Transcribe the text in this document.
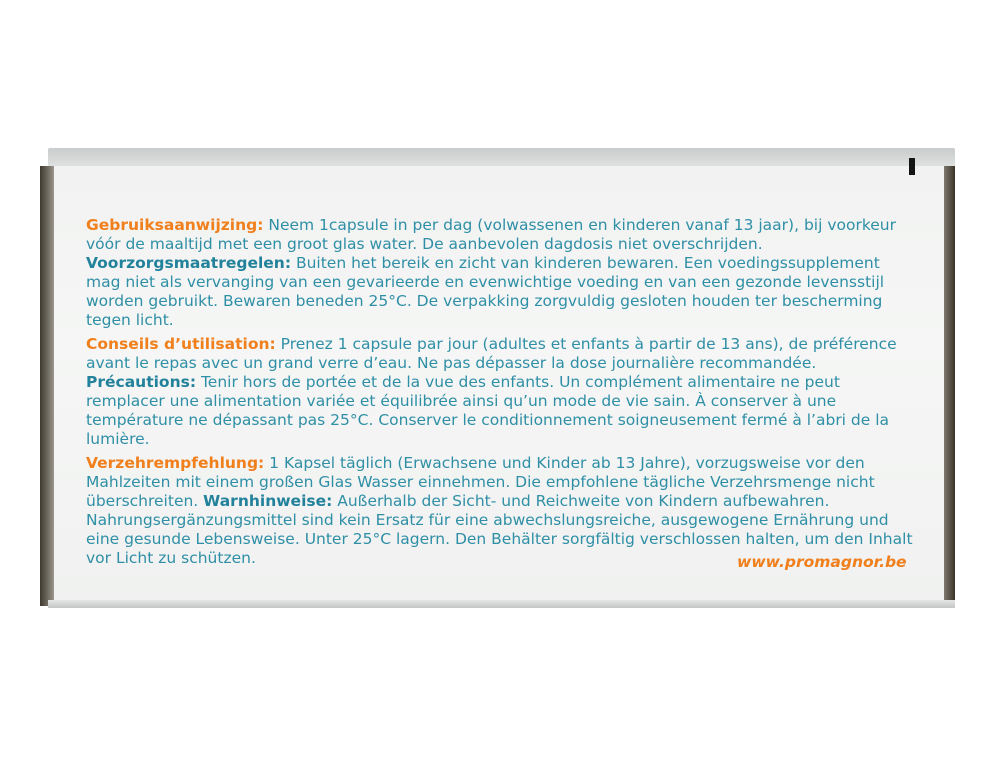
Gebruiksaanwijzing: Neem 1capsule in per dag (volwassenen en kinderen vanaf 13 jaar), bij voorkeur vóór de maaltijd met een groot glas water. De aanbevolen dagdosis niet overschrijden. Voorzorgsmaatregelen: Buiten het bereik en zicht van kinderen bewaren. Een voedingssupplement mag niet als vervanging van een gevarieerde en evenwichtige voeding en van een gezonde levensstijl worden gebruikt. Bewaren beneden 25°C. De verpakking zorgvuldig gesloten houden ter bescherming tegen licht.

Conseils d’utilisation: Prenez 1 capsule par jour (adultes et enfants à partir de 13 ans), de préférence avant le repas avec un grand verre d’eau. Ne pas dépasser la dose journalière recommandée. Précautions: Tenir hors de portée et de la vue des enfants. Un complément alimentaire ne peut remplacer une alimentation variée et équilibrée ainsi qu’un mode de vie sain. À conserver à une température ne dépassant pas 25°C. Conserver le conditionnement soigneusement fermé à l’abri de la lumière.

Verzehrempfehlung: 1 Kapsel täglich (Erwachsene und Kinder ab 13 Jahre), vorzugsweise vor den Mahlzeiten mit einem großen Glas Wasser einnehmen. Die empfohlene tägliche Verzehrsmenge nicht überschreiten. Warnhinweise: Außerhalb der Sicht- und Reichweite von Kindern aufbewahren. Nahrungsergänzungsmittel sind kein Ersatz für eine abwechslungsreiche, ausgewogene Ernährung und eine gesunde Lebensweise. Unter 25°C lagern. Den Behälter sorgfältig verschlossen halten, um den Inhalt vor Licht zu schützen.	www.promagnor.be
